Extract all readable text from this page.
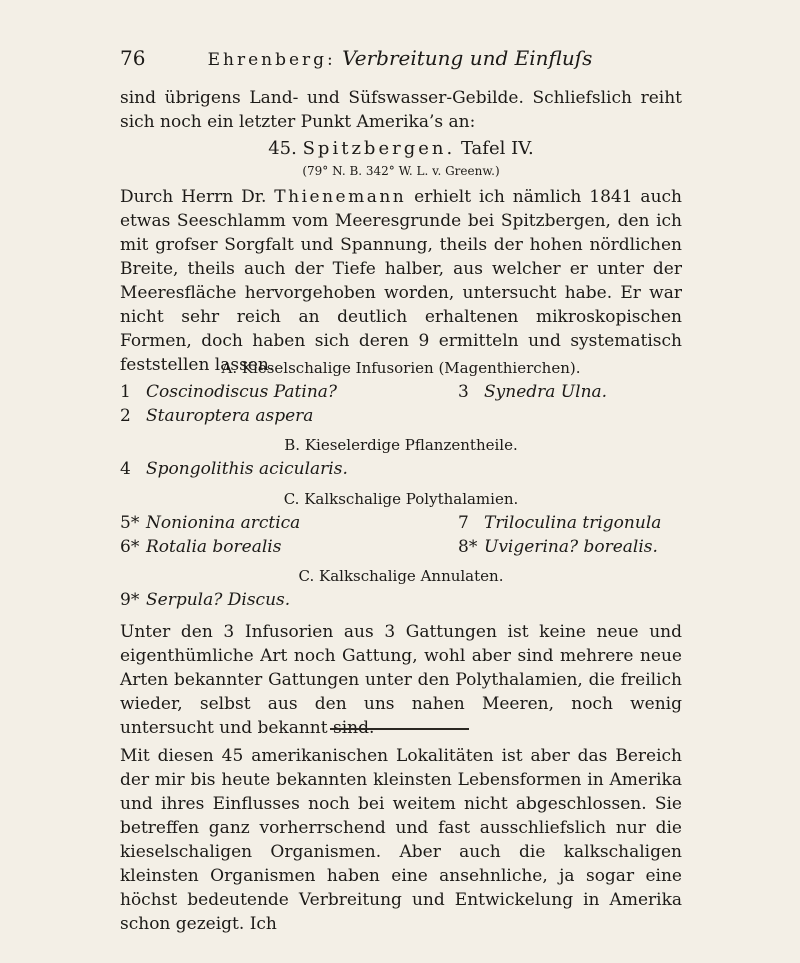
76	Ehrenberg: Verbreitung und Einfluſs

sind übrigens Land- und Süfswasser-Gebilde. Schliefslich reiht sich noch ein letzter Punkt Amerika’s an:

45. Spitzbergen. Tafel IV.

(79° N. B. 342° W. L. v. Greenw.)

Durch Herrn Dr. Thienemann erhielt ich nämlich 1841 auch etwas Seeschlamm vom Meeresgrunde bei Spitzbergen, den ich mit grofser Sorgfalt und Spannung, theils der hohen nördlichen Breite, theils auch der Tiefe halber, aus welcher er unter der Meeresfläche hervorgehoben worden, untersucht habe. Er war nicht sehr reich an deutlich erhaltenen mikroskopischen Formen, doch haben sich deren 9 ermitteln und systematisch feststellen lassen.

A. Kieselschalige Infusorien (Magenthierchen).

1 Coscinodiscus Patina?	3 Synedra Ulna.
2 Stauroptera aspera

B. Kieselerdige Pflanzentheile.

4 Spongolithis acicularis.

C. Kalkschalige Polythalamien.

5* Nonionina arctica	7 Triloculina trigonula
6* Rotalia borealis	8* Uvigerina? borealis.

C. Kalkschalige Annulaten.

9* Serpula? Discus.

Unter den 3 Infusorien aus 3 Gattungen ist keine neue und eigenthümliche Art noch Gattung, wohl aber sind mehrere neue Arten bekannter Gattungen unter den Polythalamien, die freilich wieder, selbst aus den uns nahen Meeren, noch wenig untersucht und bekannt sind.

Mit diesen 45 amerikanischen Lokalitäten ist aber das Bereich der mir bis heute bekannten kleinsten Lebensformen in Amerika und ihres Einflusses noch bei weitem nicht abgeschlossen. Sie betreffen ganz vorherrschend und fast ausschliefslich nur die kieselschaligen Organismen. Aber auch die kalkschaligen kleinsten Organismen haben eine ansehnliche, ja sogar eine höchst bedeutende Verbreitung und Entwickelung in Amerika schon gezeigt. Ich
